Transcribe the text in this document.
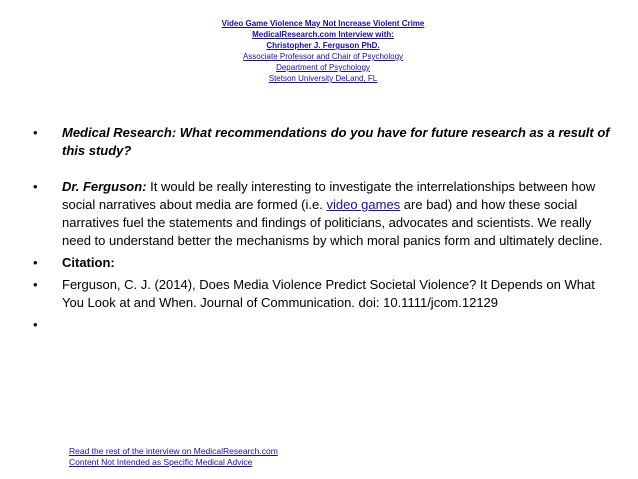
Video Game Violence May Not Increase Violent Crime
MedicalResearch.com Interview with:
Christopher J. Ferguson PhD.
Associate Professor and Chair of Psychology
Department of Psychology
Stetson University DeLand, FL
• Medical Research: What recommendations do you have for future research as a result of this study?
• Dr. Ferguson: It would be really interesting to investigate the interrelationships between how social narratives about media are formed (i.e. video games are bad) and how these social narratives fuel the statements and findings of politicians, advocates and scientists. We really need to understand better the mechanisms by which moral panics form and ultimately decline.
• Citation:
• Ferguson, C. J. (2014), Does Media Violence Predict Societal Violence? It Depends on What You Look at and When. Journal of Communication. doi: 10.1111/jcom.12129
•

Read the rest of the interview on MedicalResearch.com
Content Not Intended as Specific Medical Advice
